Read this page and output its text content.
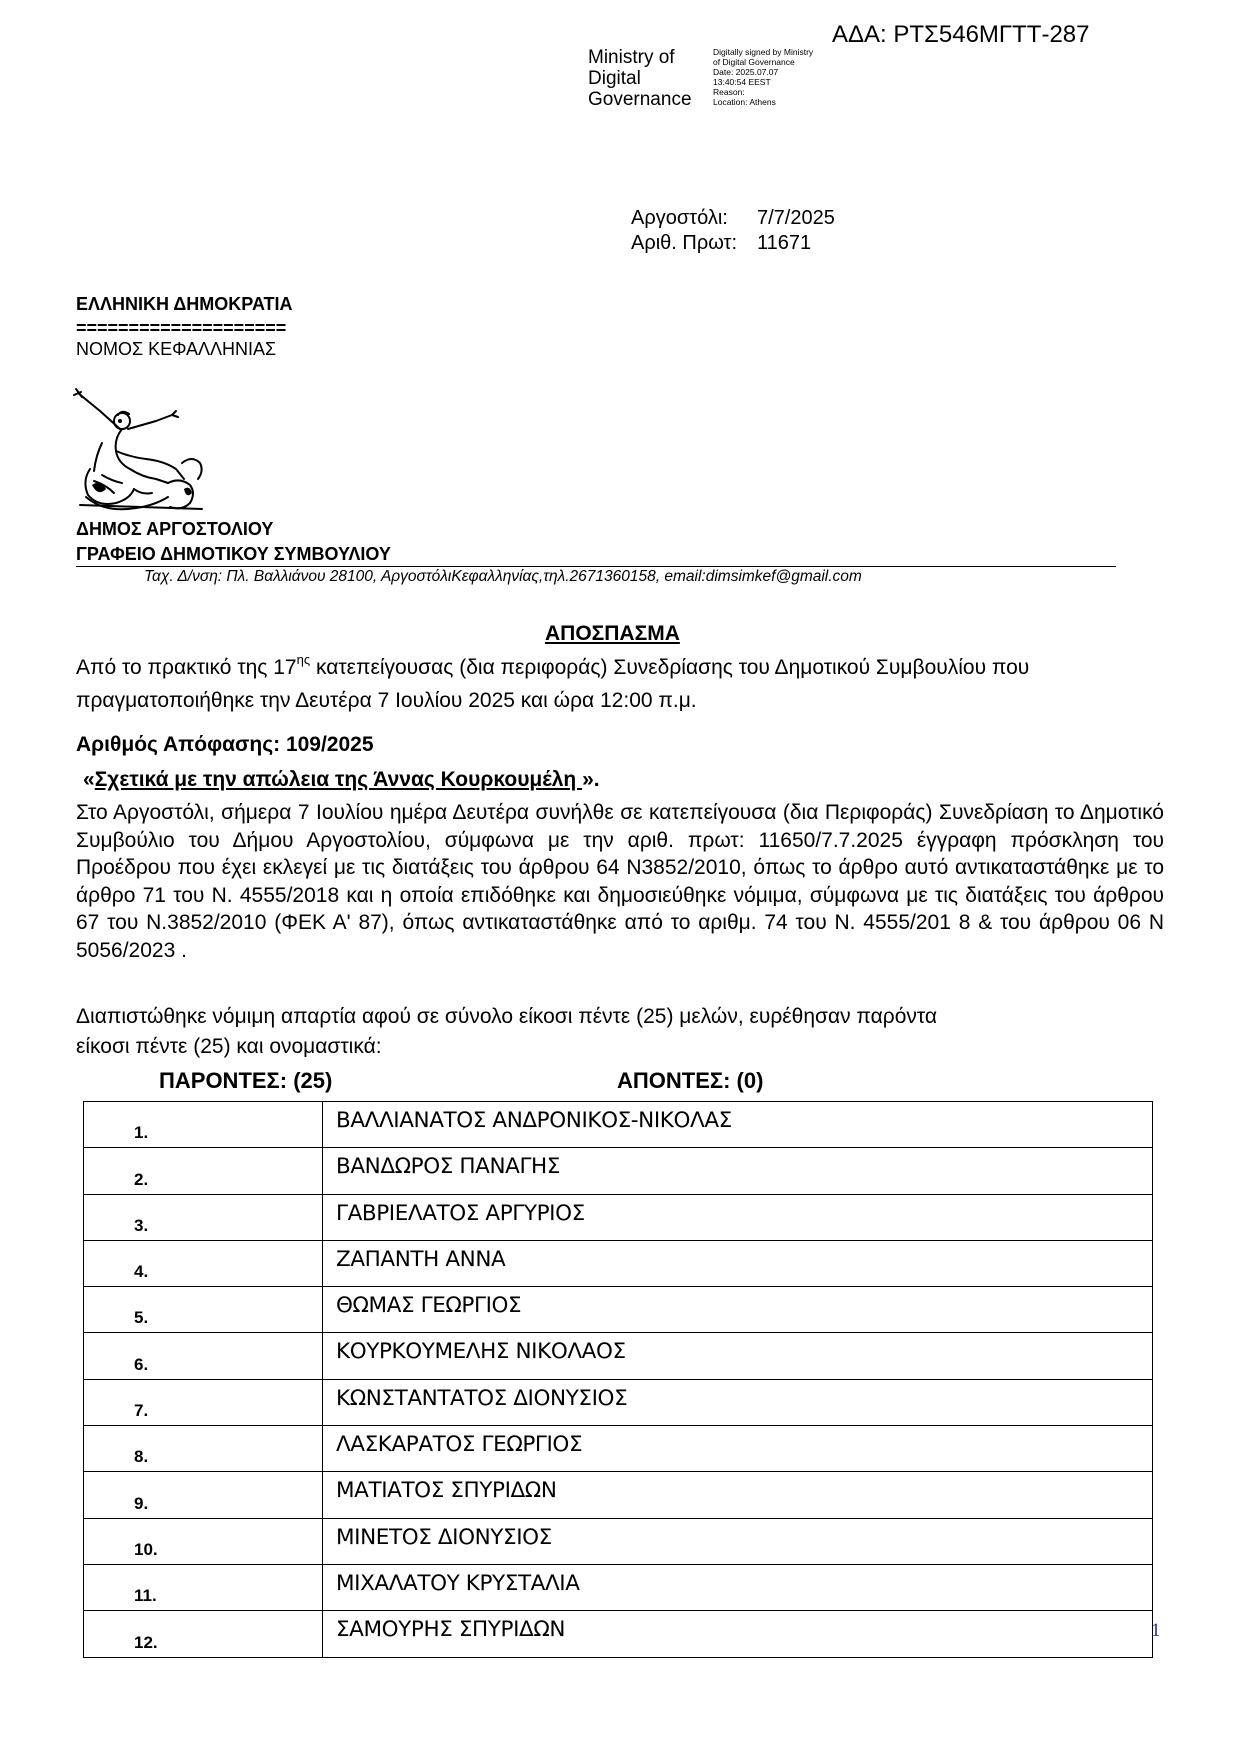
ΑΔΑ: ΡΤΣ546ΜΓΤΤ-287
Ministry of
Digital
Governance
Digitally signed by Ministry
of Digital Governance
Date: 2025.07.07
13:40:54 EEST
Reason:
Location: Athens
Αργοστόλι: 7/7/2025
Αριθ. Πρωτ: 11671
ΕΛΛΗΝΙΚΗ ΔΗΜΟΚΡΑΤΙΑ
====================
ΝΟΜΟΣ ΚΕΦΑΛΛΗΝΙΑΣ
ΔΗΜΟΣ ΑΡΓΟΣΤΟΛΙΟΥ
ΓΡΑΦΕΙΟ ΔΗΜΟΤΙΚΟΥ ΣΥΜΒΟΥΛΙΟΥ
Ταχ. Δ/νση: Πλ. Βαλλιάνου 28100, ΑργοστόλιΚεφαλληνίας,τηλ.2671360158, email:dimsimkef@gmail.com
ΑΠΟΣΠΑΣΜΑ
Από το πρακτικό της $17^{\eta\varsigma}$ κατεπείγουσας (δια περιφοράς) Συνεδρίασης του Δημοτικού Συμβουλίου που πραγματοποιήθηκε την Δευτέρα 7 Ιουλίου 2025 και ώρα 12:00 π.μ.
Αριθμός Απόφασης: 109/2025
«Σχετικά με την απώλεια της Άννας Κουρκουμέλη ».
Στο Αργοστόλι, σήμερα 7 Ιουλίου ημέρα Δευτέρα συνήλθε σε κατεπείγουσα (δια Περιφοράς) Συνεδρίαση το Δημοτικό Συμβούλιο του Δήμου Αργοστολίου, σύμφωνα με την αριθ. πρωτ: 11650/7.7.2025 έγγραφη πρόσκληση του Προέδρου που έχει εκλεγεί με τις διατάξεις του άρθρου 64 Ν3852/2010, όπως το άρθρο αυτό αντικαταστάθηκε με το άρθρο 71 του Ν. 4555/2018 και η οποία επιδόθηκε και δημοσιεύθηκε νόμιμα, σύμφωνα με τις διατάξεις του άρθρου 67 του Ν.3852/2010 (ΦΕΚ Α' 87), όπως αντικαταστάθηκε από το αριθμ. 74 του Ν. 4555/201 8 & του άρθρου 06 Ν 5056/2023 .
Διαπιστώθηκε νόμιμη απαρτία αφού σε σύνολο είκοσι πέντε (25) μελών, ευρέθησαν παρόντα
είκοσι πέντε (25) και ονομαστικά:
ΠΑΡΟΝΤΕΣ: (25)	ΑΠΟΝΤΕΣ: (0)
1.	ΒΑΛΛΙΑΝΑΤΟΣ ΑΝΔΡΟΝΙΚΟΣ-ΝΙΚΟΛΑΣ
2.	ΒΑΝΔΩΡΟΣ ΠΑΝΑΓΗΣ
3.	ΓΑΒΡΙΕΛΑΤΟΣ ΑΡΓΥΡΙΟΣ
4.	ΖΑΠΑΝΤΗ ΑΝΝΑ
5.	ΘΩΜΑΣ ΓΕΩΡΓΙΟΣ
6.	ΚΟΥΡΚΟΥΜΕΛΗΣ ΝΙΚΟΛΑΟΣ
7.	ΚΩΝΣΤΑΝΤΑΤΟΣ ΔΙΟΝΥΣΙΟΣ
8.	ΛΑΣΚΑΡΑΤΟΣ ΓΕΩΡΓΙΟΣ
9.	ΜΑΤΙΑΤΟΣ ΣΠΥΡΙΔΩΝ
10.	ΜΙΝΕΤΟΣ ΔΙΟΝΥΣΙΟΣ
11.	ΜΙΧΑΛΑΤΟΥ ΚΡΥΣΤΑΛΙΑ
12.	ΣΑΜΟΥΡΗΣ ΣΠΥΡΙΔΩΝ	1
